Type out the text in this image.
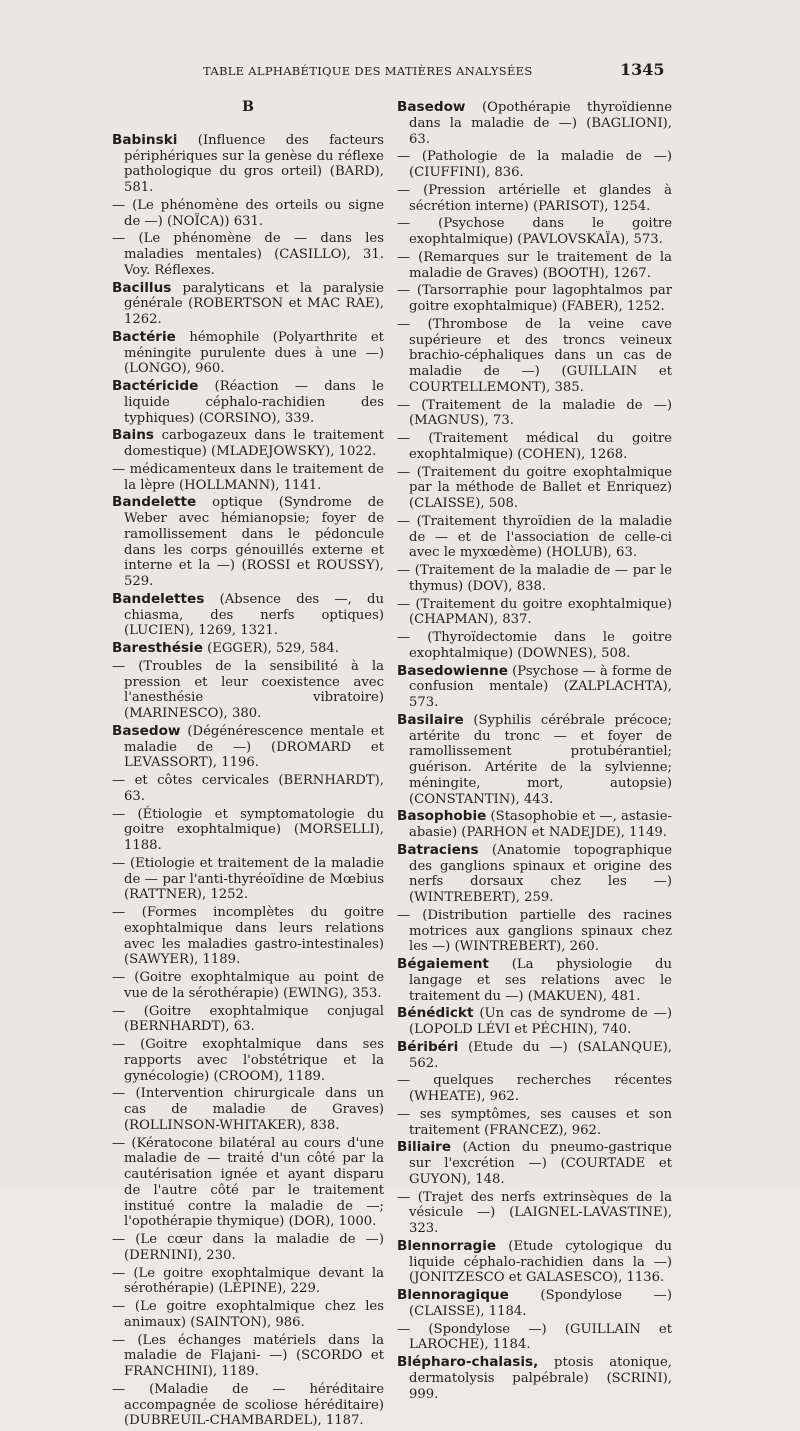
TABLE ALPHABÉTIQUE DES MATIÈRES ANALYSÉES	1345
B
Babinski (Influence des facteurs périphériques sur la genèse du réflexe pathologique du gros orteil) (BARD), 581.
— (Le phénomène des orteils ou signe de —) (NOÏCA)) 631.
— (Le phénomène de — dans les maladies mentales) (CASILLO), 31. Voy. Réflexes.
Bacillus paralyticans et la paralysie générale (ROBERTSON et MAC RAE), 1262.
Bactérie hémophile (Polyarthrite et méningite purulente dues à une —) (LONGO), 960.
Bactéricide (Réaction — dans le liquide céphalo-rachidien des typhiques) (CORSINO), 339.
Bains carbogazeux dans le traitement domestique) (MLADEJOWSKY), 1022.
— médicamenteux dans le traitement de la lèpre (HOLLMANN), 1141.
Bandelette optique (Syndrome de Weber avec hémianopsie; foyer de ramollissement dans le pédoncule dans les corps génouillés externe et interne et la —) (ROSSI et ROUSSY), 529.
Bandelettes (Absence des —, du chiasma, des nerfs optiques) (LUCIEN), 1269, 1321.
Baresthésie (EGGER), 529, 584.
— (Troubles de la sensibilité à la pression et leur coexistence avec l'anesthésie vibratoire) (MARINESCO), 380.
Basedow (Dégénérescence mentale et maladie de —) (DROMARD et LEVASSORT), 1196.
— et côtes cervicales (BERNHARDT), 63.
— (Étiologie et symptomatologie du goitre exophtalmique) (MORSELLI), 1188.
— (Etiologie et traitement de la maladie de — par l'anti-thyréoïdine de Mœbius (RATTNER), 1252.
— (Formes incomplètes du goitre exophtalmique dans leurs relations avec les maladies gastro-intestinales) (SAWYER), 1189.
— (Goitre exophtalmique au point de vue de la sérothérapie) (EWING), 353.
— (Goitre exophtalmique conjugal (BERNHARDT), 63.
— (Goitre exophtalmique dans ses rapports avec l'obstétrique et la gynécologie) (CROOM), 1189.
— (Intervention chirurgicale dans un cas de maladie de Graves) (ROLLINSON-WHITAKER), 838.
— (Kératocone bilatéral au cours d'une maladie de — traité d'un côté par la cautérisation ignée et ayant disparu de l'autre côté par le traitement institué contre la maladie de —; l'opothérapie thymique) (DOR), 1000.
— (Le cœur dans la maladie de —) (DERNINI), 230.
— (Le goitre exophtalmique devant la sérothérapie) (LÉPINE), 229.
— (Le goitre exophtalmique chez les animaux) (SAINTON), 986.
— (Les échanges matériels dans la maladie de Flajani- —) (SCORDO et FRANCHINI), 1189.
— (Maladie de — héréditaire accompagnée de scoliose héréditaire) (DUBREUIL-CHAMBARDEL), 1187.
Basedow (Opothérapie thyroïdienne dans la maladie de —) (BAGLIONI), 63.
— (Pathologie de la maladie de —) (CIUFFINI), 836.
— (Pression artérielle et glandes à sécrétion interne) (PARISOT), 1254.
— (Psychose dans le goitre exophtalmique) (PAVLOVSKAÏA), 573.
— (Remarques sur le traitement de la maladie de Graves) (BOOTH), 1267.
— (Tarsorraphie pour lagophtalmos par goitre exophtalmique) (FABER), 1252.
— (Thrombose de la veine cave supérieure et des troncs veineux brachio-céphaliques dans un cas de maladie de —) (GUILLAIN et COURTELLEMONT), 385.
— (Traitement de la maladie de —) (MAGNUS), 73.
— (Traitement médical du goitre exophtalmique) (COHEN), 1268.
— (Traitement du goitre exophtalmique par la méthode de Ballet et Enriquez) (CLAISSE), 508.
— (Traitement thyroïdien de la maladie de — et de l'association de celle-ci avec le myxœdème) (HOLUB), 63.
— (Traitement de la maladie de — par le thymus) (DOV), 838.
— (Traitement du goitre exophtalmique) (CHAPMAN), 837.
— (Thyroïdectomie dans le goitre exophtalmique) (DOWNES), 508.
Basedowienne (Psychose — à forme de confusion mentale) (ZALPLACHTA), 573.
Basilaire (Syphilis cérébrale précoce; artérite du tronc — et foyer de ramollissement protubérantiel; guérison. Artérite de la sylvienne; méningite, mort, autopsie) (CONSTANTIN), 443.
Basophobie (Stasophobie et —, astasie-abasie) (PARHON et NADEJDE), 1149.
Batraciens (Anatomie topographique des ganglions spinaux et origine des nerfs dorsaux chez les —) (WINTREBERT), 259.
— (Distribution partielle des racines motrices aux ganglions spinaux chez les —) (WINTREBERT), 260.
Bégaiement (La physiologie du langage et ses relations avec le traitement du —) (MAKUEN), 481.
Bénédickt (Un cas de syndrome de —) (LOPOLD LÉVI et PÉCHIN), 740.
Béribéri (Etude du —) (SALANQUE), 562.
— quelques recherches récentes (WHEATE), 962.
— ses symptômes, ses causes et son traitement (FRANCEZ), 962.
Biliaire (Action du pneumo-gastrique sur l'excrétion —) (COURTADE et GUYON), 148.
— (Trajet des nerfs extrinsèques de la vésicule —) (LAIGNEL-LAVASTINE), 323.
Blennorragie (Etude cytologique du liquide céphalo-rachidien dans la —) (JONITZESCO et GALASESCO), 1136.
Blennoragique (Spondylose —) (CLAISSE), 1184.
— (Spondylose —) (GUILLAIN et LAROCHE), 1184.
Blépharo-chalasis, ptosis atonique, dermatolysis palpébrale) (SCRINI), 999.
